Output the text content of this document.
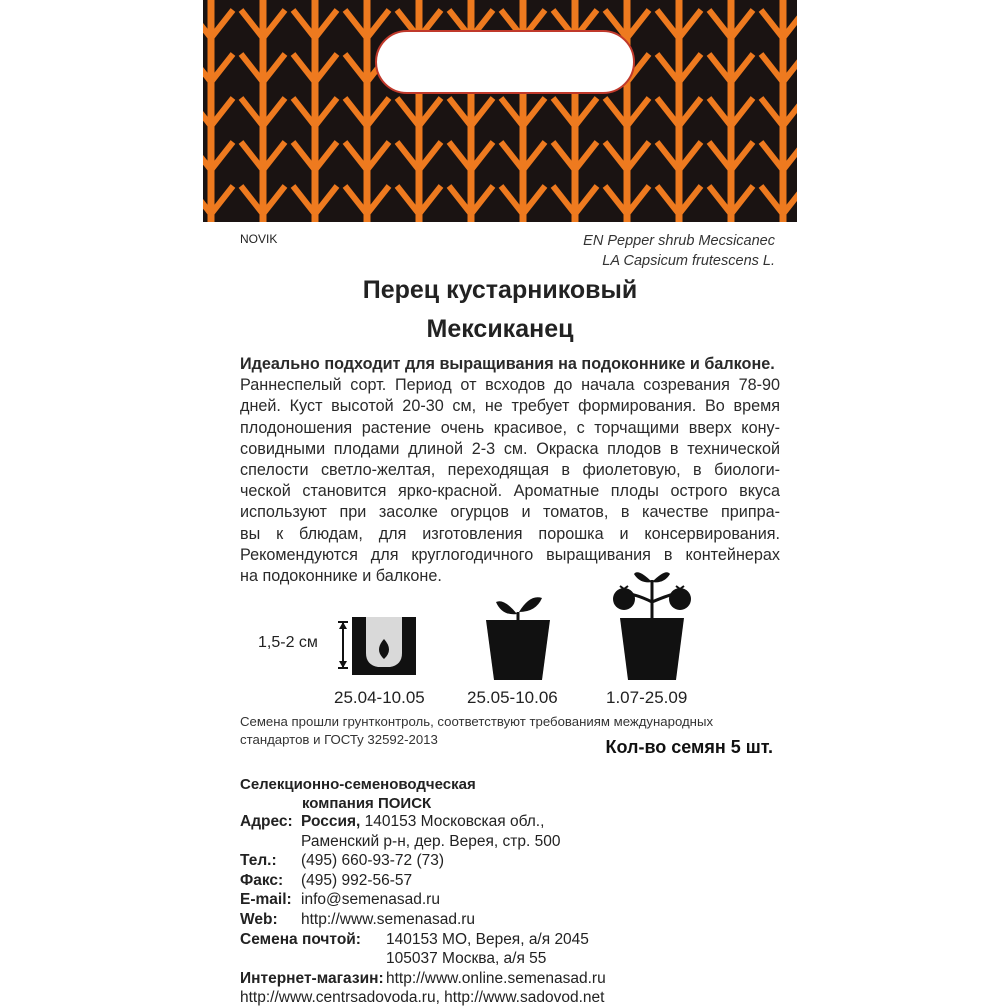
NOVIK	EN Pepper shrub Mecsicanec
LA Capsicum frutescens L.
Перец кустарниковый
Мексиканец
Идеально подходит для выращивания на подоконнике и балконе.
Раннеспелый сорт. Период от всходов до начала созревания 78-90
дней. Куст высотой 20-30 см, не требует формирования. Во время
плодоношения растение очень красивое, с торчащими вверх кону-
совидными плодами длиной 2-3 см. Окраска плодов в технической
спелости светло-желтая, переходящая в фиолетовую, в биологи-
ческой становится ярко-красной. Ароматные плоды острого вкуса
используют при засолке огурцов и томатов, в качестве припра-
вы к блюдам, для изготовления порошка и консервирования.
Рекомендуются для круглогодичного выращивания в контейнерах
на подоконнике и балконе.
1,5-2 см
25.04-10.05 25.05-10.06	1.07-25.09
Семена прошли грунтконтроль, соответствуют требованиям международных
стандартов и ГОСТу 32592-2013	Кол-во семян 5 шт.
Селекционно-семеноводческая
компания ПОИСК
Адрес: Россия, 140153 Московская обл.,
Раменский р-н, дер. Верея, стр. 500
Тел.: (495) 660-93-72 (73)
Факс: (495) 992-56-57
E-mail: info@semenasad.ru
Web: http://www.semenasad.ru
Семена почтой: 140153 МО, Верея, а/я 2045
105037 Москва, а/я 55
Интернет-магазин: http://www.online.semenasad.ru
http://www.centrsadovoda.ru, http://www.sadovod.net
